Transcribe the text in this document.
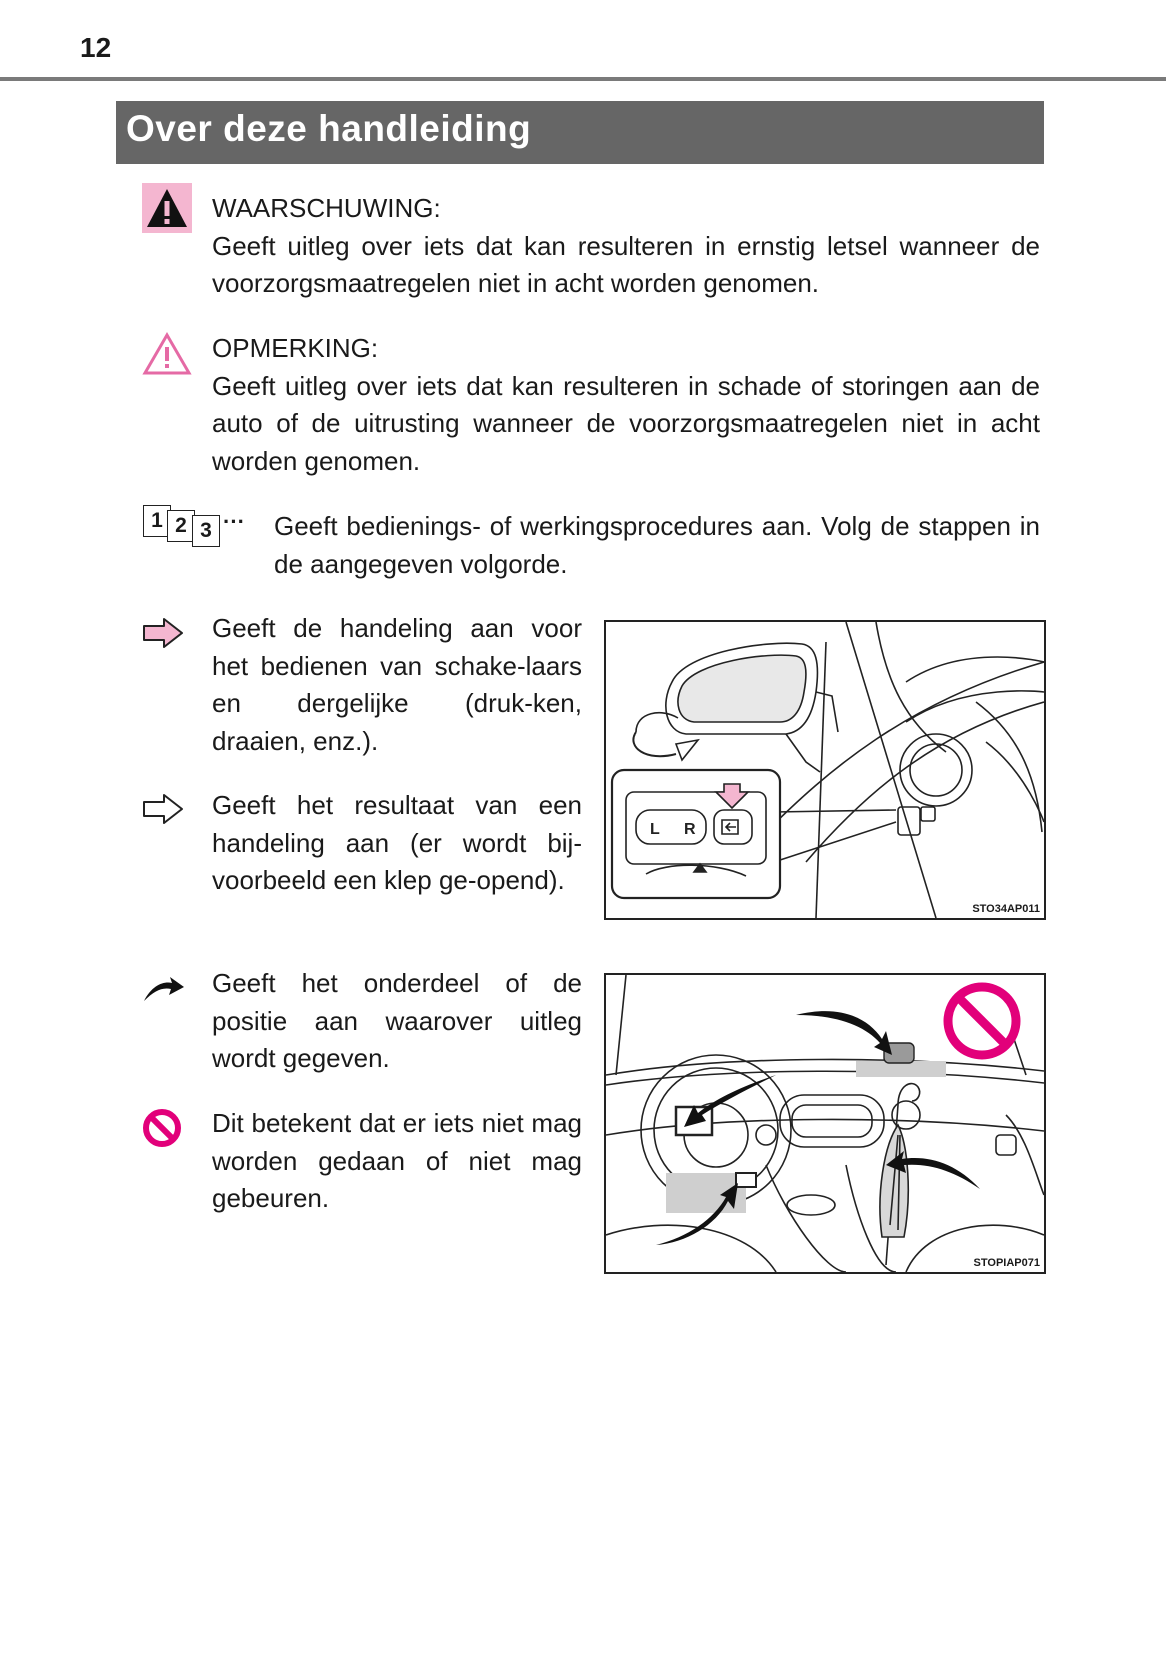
12
Over deze handleiding
WAARSCHUWING:
Geeft uitleg over iets dat kan resulteren in ernstig letsel wanneer de voorzorgsmaatregelen niet in acht worden genomen.
OPMERKING:
Geeft uitleg over iets dat kan resulteren in schade of storingen aan de auto of de uitrusting wanneer de voorzorgsmaatregelen niet in acht worden genomen.
1 2 3 ··· Geeft bedienings- of werkingsprocedures aan. Volg de stappen in de aangegeven volgorde.
Geeft de handeling aan voor het bedienen van schake-laars en dergelijke (druk-ken, draaien, enz.).
Geeft het resultaat van een handeling aan (er wordt bij-voorbeeld een klep ge-opend).
Geeft het onderdeel of de positie aan waarover uitleg wordt gegeven.
Dit betekent dat er iets niet mag worden gedaan of niet mag gebeuren.
L R
STO34AP011
STOPIAP071
